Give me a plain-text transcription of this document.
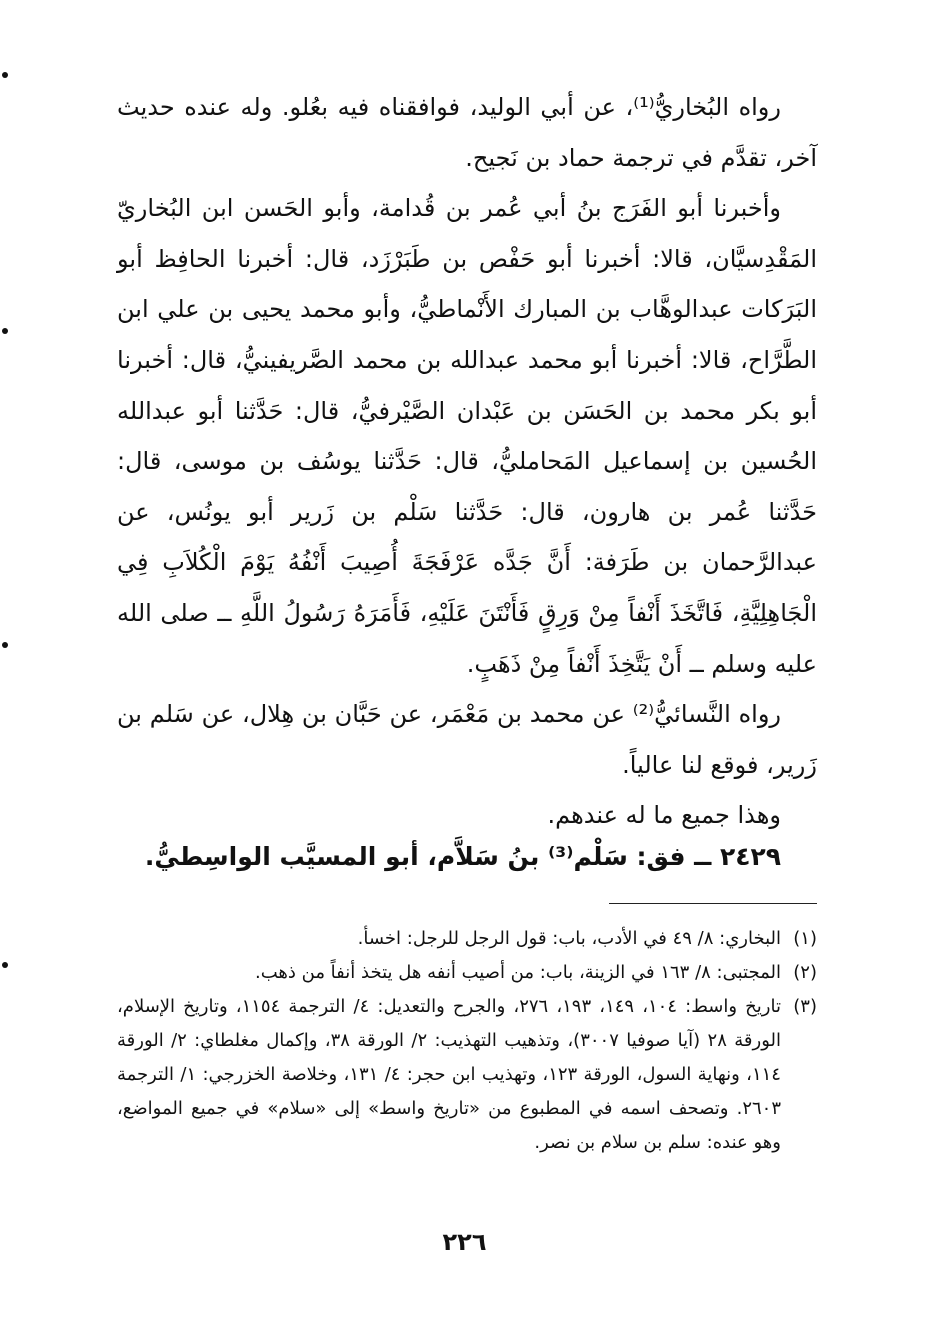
رواه البُخاريُّ⁽¹⁾، عن أبي الوليد، فوافقناه فيه بعُلو. وله عنده حديث آخر، تقدَّم في ترجمة حماد بن نَجيح.

وأخبرنا أبو الفَرَج بنُ أبي عُمر بن قُدامة، وأبو الحَسن ابن البُخاريّ المَقْدِسيَّان، قالا: أخبرنا أبو حَفْص بن طَبَرْزَد، قال: أخبرنا الحافِظ أبو البَرَكات عبدالوهَّاب بن المبارك الأَنْماطيُّ، وأبو محمد يحيى بن علي ابن الطَّرَّاح، قالا: أخبرنا أبو محمد عبدالله بن محمد الصَّريفينيُّ، قال: أخبرنا أبو بكر محمد بن الحَسَن بن عَبْدان الصَّيْرفيُّ، قال: حَدَّثنا أبو عبدالله الحُسين بن إسماعيل المَحامليُّ، قال: حَدَّثنا يوسُف بن موسى، قال: حَدَّثنا عُمر بن هارون، قال: حَدَّثنا سَلْم بن زَرير أبو يونُس، عن عبدالرَّحمان بن طَرَفة: أَنَّ جَدَّه عَرْفَجَةَ أُصِيبَ أَنْفُهُ يَوْمَ الْكُلاَبِ فِي الْجَاهِلِيَّةِ، فَاتَّخَذَ أَنْفاً مِنْ وَرِقٍ فَأَنْتَنَ عَلَيْهِ، فَأَمَرَهُ رَسُولُ اللَّهِ ــ صلى الله عليه وسلم ــ أَنْ يَتَّخِذَ أَنْفاً مِنْ ذَهَبٍ.

رواه النَّسائيُّ⁽²⁾ عن محمد بن مَعْمَر، عن حَبَّان بن هِلال، عن سَلم بن زَرير، فوقع لنا عالياً.

وهذا جميع ما له عندهم.

٢٤٢٩ ــ فق: سَلْم⁽³⁾ بنُ سَلاَّم، أبو المسيَّب الواسِطيُّ.
(١)
البخاري: ٨/ ٤٩ في الأدب، باب: قول الرجل للرجل: اخسأ.
(٢)
المجتبى: ٨/ ١٦٣ في الزينة، باب: من أصيب أنفه هل يتخذ أنفاً من ذهب.
(٣)
تاريخ واسط: ١٠٤، ١٤٩، ١٩٣، ٢٧٦، والجرح والتعديل: ٤/ الترجمة ١١٥٤، وتاريخ الإسلام، الورقة ٢٨ (آيا صوفيا ٣٠٠٧)، وتذهيب التهذيب: ٢/ الورقة ٣٨، وإكمال مغلطاي: ٢/ الورقة ١١٤، ونهاية السول، الورقة ١٢٣، وتهذيب ابن حجر: ٤/ ١٣١، وخلاصة الخزرجي: ١/ الترجمة ٢٦٠٣. وتصحف اسمه في المطبوع من «تاريخ واسط» إلى «سلام» في جميع المواضع، وهو عنده: سلم بن سلام بن نصر.
٢٢٦
